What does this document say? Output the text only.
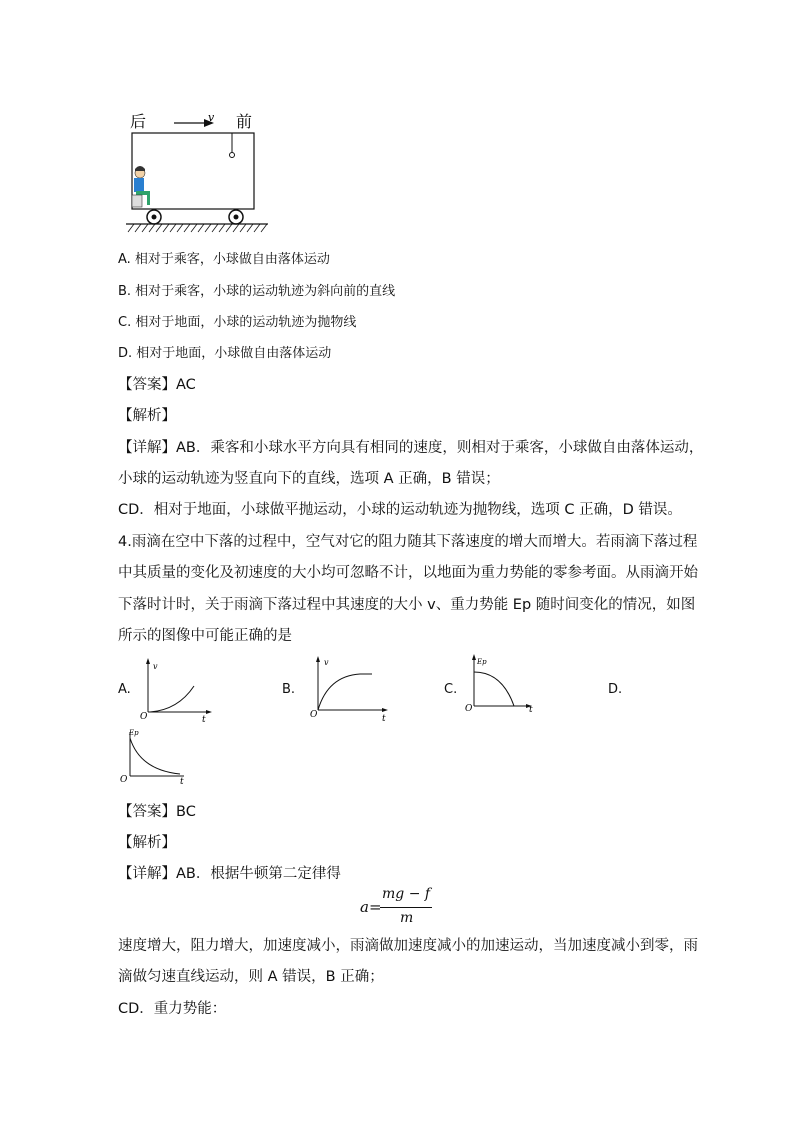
后	v 前
A. 相对于乘客，小球做自由落体运动
B. 相对于乘客，小球的运动轨迹为斜向前的直线
C. 相对于地面，小球的运动轨迹为抛物线
D. 相对于地面，小球做自由落体运动
【答案】AC
【解析】
【详解】AB．乘客和小球水平方向具有相同的速度，则相对于乘客，小球做自由落体运动，
小球的运动轨迹为竖直向下的直线，选项 A 正确，B 错误；
CD．相对于地面，小球做平抛运动，小球的运动轨迹为抛物线，选项 C 正确，D 错误。
4.雨滴在空中下落的过程中，空气对它的阻力随其下落速度的增大而增大。若雨滴下落过程
中其质量的变化及初速度的大小均可忽略不计，以地面为重力势能的零参考面。从雨滴开始
下落时计时，关于雨滴下落过程中其速度的大小 v、重力势能 Ep 随时间变化的情况，如图
所示的图像中可能正确的是
A.	B.	C.	D.
v
O	t
v
O	t
Ep
O	t
Ep
O	t
【答案】BC
【解析】
【详解】AB．根据牛顿第二定律得
a=
mg − f
m
速度增大，阻力增大，加速度减小，雨滴做加速度减小的加速运动，当加速度减小到零，雨
滴做匀速直线运动，则 A 错误，B 正确；
CD．重力势能：
